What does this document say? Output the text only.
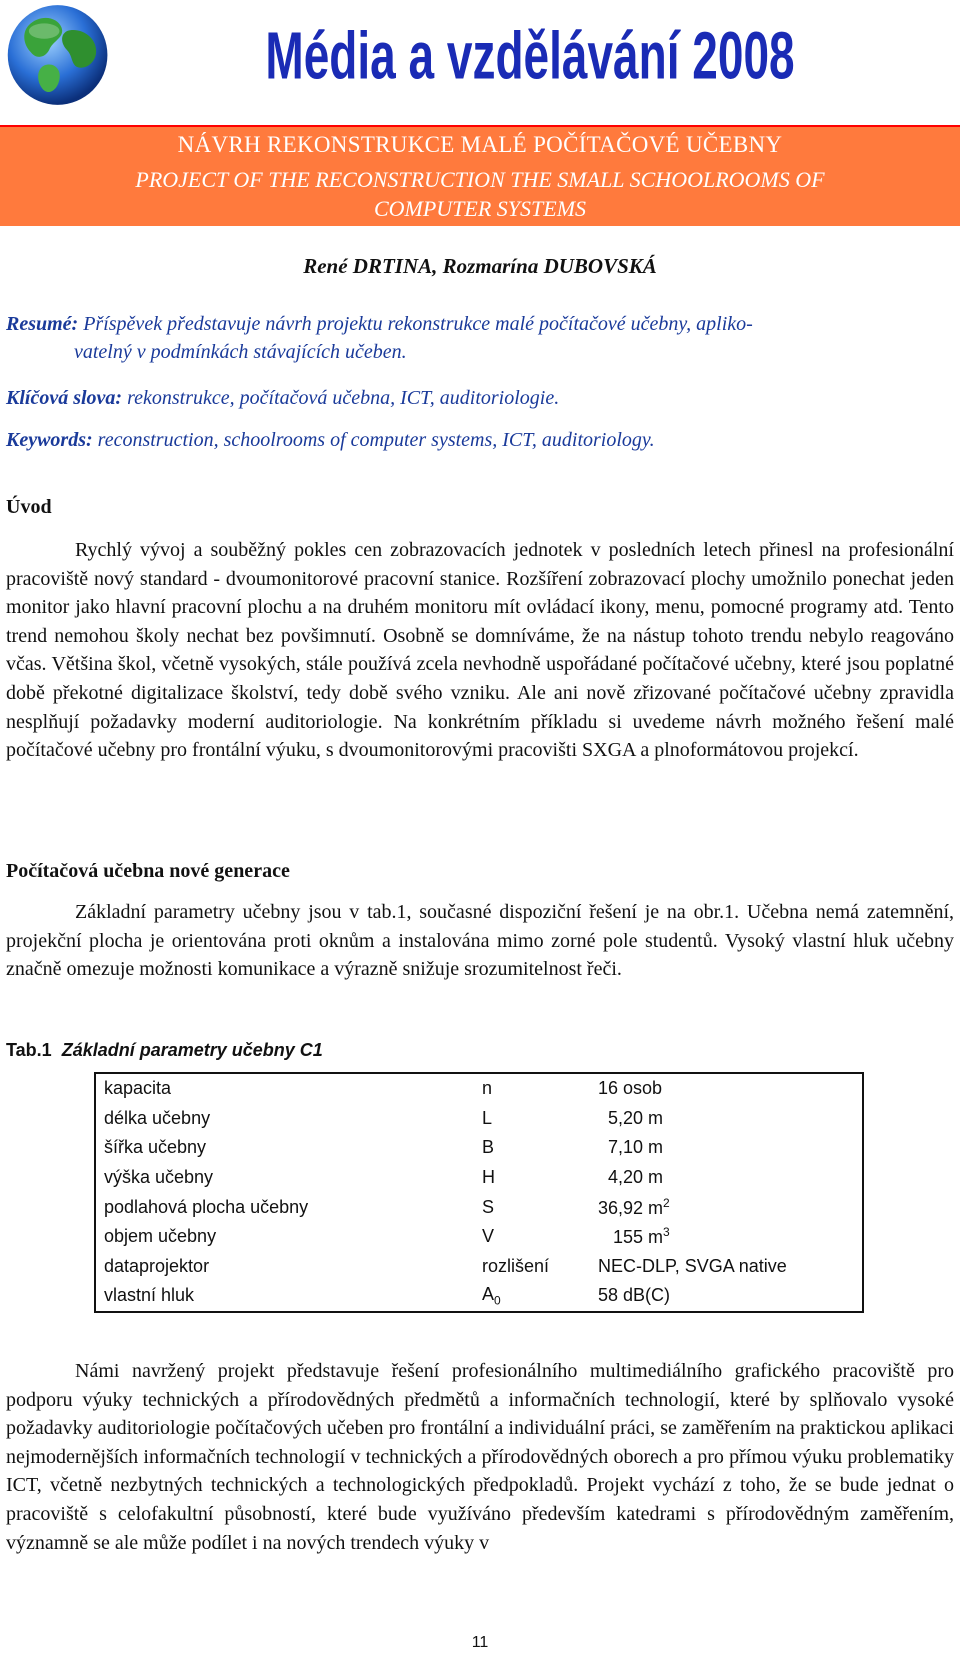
Média a vzdělávání 2008
NÁVRH REKONSTRUKCE MALÉ POČÍTAČOVÉ UČEBNY
PROJECT OF THE RECONSTRUCTION THE SMALL SCHOOLROOMS OF
COMPUTER SYSTEMS
René DRTINA, Rozmarína DUBOVSKÁ
Resumé: Příspěvek představuje návrh projektu rekonstrukce malé počítačové učebny, apliko-
vatelný v podmínkách stávajících učeben.
Klíčová slova: rekonstrukce, počítačová učebna, ICT, auditoriologie.
Keywords: reconstruction, schoolrooms of computer systems, ICT, auditoriology.
Úvod
Rychlý vývoj a souběžný pokles cen zobrazovacích jednotek v posledních letech přinesl na profesionální pracoviště nový standard - dvoumonitorové pracovní stanice. Rozšíření zobrazovací plochy umožnilo ponechat jeden monitor jako hlavní pracovní plochu a na druhém monitoru mít ovládací ikony, menu, pomocné programy atd. Tento trend nemohou školy nechat bez povšimnutí. Osobně se domníváme, že na nástup tohoto trendu nebylo reagováno včas. Většina škol, včetně vysokých, stále používá zcela nevhodně uspořádané počítačové učebny, které jsou poplatné době překotné digitalizace školství, tedy době svého vzniku. Ale ani nově zřizované počítačové učebny zpravidla nesplňují požadavky moderní auditoriologie. Na konkrétním příkladu si uvedeme návrh možného řešení malé počítačové učebny pro frontální výuku, s dvoumonitorovými pracovišti SXGA a plnoformátovou projekcí.
Počítačová učebna nové generace
Základní parametry učebny jsou v tab.1, současné dispoziční řešení je na obr.1. Učebna nemá zatemnění, projekční plocha je orientována proti oknům a instalována mimo zorné pole studentů. Vysoký vlastní hluk učebny značně omezuje možnosti komunikace a výrazně snižuje srozumitelnost řeči.
Tab.1 Základní parametry učebny C1
kapacita	n	16 osob
délka učebny	L	5,20 m
šířka učebny	B	7,10 m
výška učebny	H	4,20 m
podlahová plocha učebny	S	36,92 $m^2$
objem učebny	V	155 $m^3$
dataprojektor	rozlišení	NEC-DLP, SVGA native
vlastní hluk	$A_0$	58 dB(C)
Námi navržený projekt představuje řešení profesionálního multimediálního grafického pracoviště pro podporu výuky technických a přírodovědných předmětů a informačních technologií, které by splňovalo vysoké požadavky auditoriologie počítačových učeben pro frontální a individuální práci, se zaměřením na praktickou aplikaci nejmodernějších informačních technologií v technických a přírodovědných oborech a pro přímou výuku problematiky ICT, včetně nezbytných technických a technologických předpokladů. Projekt vychází z toho, že se bude jednat o pracoviště s celofakultní působností, které bude využíváno především katedrami s přírodovědným zaměřením, významně se ale může podílet i na nových trendech výuky v
11
